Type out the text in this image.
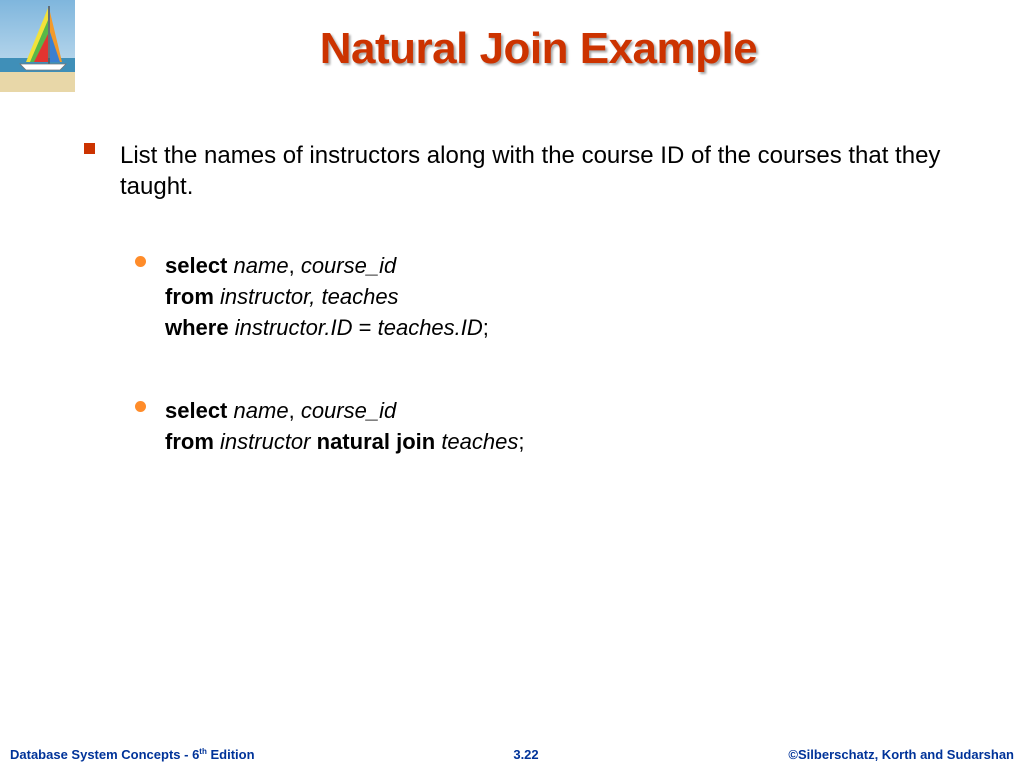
Natural Join Example
List the names of instructors along with the course ID of the courses that they taught.
select name, course_id
from instructor, teaches
where instructor.ID = teaches.ID;
select name, course_id
from instructor natural join teaches;
Database System Concepts - 6th Edition	3.22	©Silberschatz, Korth and Sudarshan
